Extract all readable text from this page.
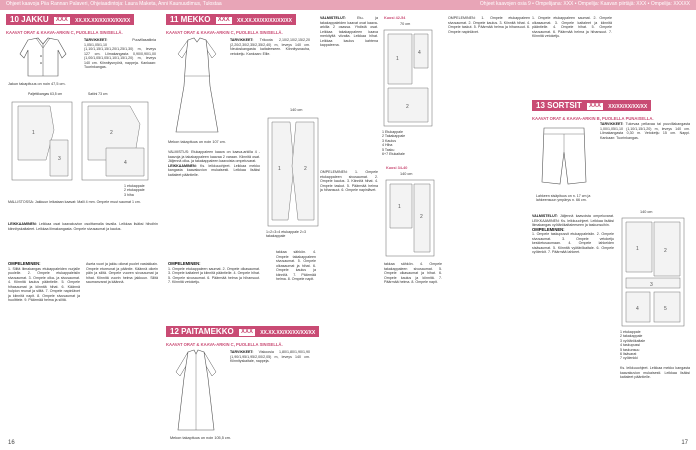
Ohjeet kaavoja Piia Rannan Palaveri, Ohjeiaadintoja: Laura Maketa, Anni Kaunuudimus, Tulostaa	Ohjeet kaavojen osia 9 • Ompelijana: XXX • Ompelija: Kaavan piirtäjä: XXX • Ompelija: XXXXX
10 JAKKU XXX XX.XX.XX/XX/XX/XX/XX
KAAVAT ORAT & KAAVA-ARKIN C, PUOLELLA SINISELLÄ.
TARVIKKEET:	Puuvillasatiinia 1,05/1,05/1,10 (1,10/1,15/1,15/1,20/1,25/1,30) m, leveys 127 cm. Liimakangasta 0,90/0,90/1,00 (1,00/1,05/1,05/1,10/1,15/1,20) m, leveys 140 cm. Kiinnitysnyörä, nappeja. Kankaan: Tuorinkangas.
Jakun takapituus on noin 47,5 cm.
Paljettikangas 63,5 cm	Satiini 73 cm
1
3
2
4
1 etukappale
2 etukappale
3 hiha
MALLISTOSSA: Jakkuun leikataan kaavat: Malli 4 mm. Ompele muut saumat 1 cm.
LEIKKAAMINEN: Leikkaa osat kaavakuvion osoittamalla tavalla. Leikkaa lisäksi hihoihin kiinnityskaitaleet. Leikkaa liimakangasta. Ompele sivusaumat ja kaulus.
OMPELEMINEN:
1. Silitä liimakangas etukappaleiden nurjalle puolelle. 2. Ompele etukappaleisiin sivusaumat. 3. Ompele olka- ja sivusaumat. 4. Kiinnitä kaulus pääntielle. 5. Ompele hihasaumat ja kiinnitä hihat. 6. Käännä hulpion reunat ja silitä. 7. Ompele napinlävet ja kiinnitä napit. 8. Ompele sivusaumat ja huolittele. 9. Päärmää helma ja silitä.
Aseta vuori ja jakku oikeat puolet vastakkain. Ompele etureunat ja pääntie. Käännä oikein päin ja silitä. Ompele vuoren sivusaumat ja hihat. Kiinnitä vuorin helma jakkuun. Silitä saumanvarat ja käännä.
16
11 MEKKO XXX XX.XX.XX/XX/XX/XX/XX
KAAVAT ORAT & KAAVA-ARKIN C, PUOLELLA SINISELLÄ.
TARVIKKEET: Trikoota 2,10/2,10/2,15/2,20 (2,20/2,30/2,35/2,35/2,40) m, leveys 140 cm. Neuloskangasta kaitaleeseen. Kiinnitysnauha, vetoketju. Kankaan: Ellie.
Mekon takapituus on noin 107 cm.
140 cm
1	2
1=2=3=4 etukappale 2=3 takakappale
VALMISTUS: Etukappaleen kaava on kaava-arkilla 4 -kaavoja ja takakappaleen kaavaa 2 varaan. Kiinnitä osat. Jäljennä olka- ja takakappaleen kaavoista ompeluvarat.
LEIKKAAMINEN: Ks. leikkuuohjeet. Leikkaa mekko kangasta kaavakuvion mukaisesti. Leikkaa lisäksi kaitaleet pääntielle.
OMPELEMINEN:
1. Ompele etukappaleen saumat. 2. Ompele olkasaumat. 3. Ompele kaitaleet ja kiinnitä pääntielle. 4. Ompele hihat. 5. Ompele sivusaumat. 6. Päärmää helma ja hihansuut. 7. Kiinnitä vetoketju.
12 PAITAMEKKO XXX XX.XX.XX/XX/XX/XX/XX
KAAVAT ORAT & KAAVA-ARKIN C, PUOLELLA SINISELLÄ.
TARVIKKEET: Viskoosia 1,80/1,80/1,90/1,90 (1,90/1,95/1,95/2,00/2,05) m, leveys 140 cm. Kiinnityskaitale, nappeja.
Mekon takapituus on noin 105,5 cm.
takkaa sähkön. 4. Ompele takakappaleen sivusaumat. 5. Ompele olkasaumat ja hihat. 6. Ompele kaulus ja kiinnitä. 7. Päärmää helma. 8. Ompele napit.
VALMISTELUT:	Etu- ja takakappaleiden kaavat ovat kaava-arkilla 2 osassa. Yhdistä osat. Leikkaa takakappaleen kaava merkityltä viivalta. Leikkaa hihat. Leikkaa kaulus kahtena kappaleena.
Kuosi 42-54
70 cm
1
4
2
1 Etukappale
2 Takakappale
3 Kaulus
4 Hiha
5 Tasku
6+7 Etukaitale
Kuosi 34-40
140 cm
1
2
OMPELEMINEN: 1. Ompele etukappaleen sivusaumat. 2. Ompele kaulus. 3. Kiinnitä hihat. 4. Ompele taskut. 5. Päärmää helma ja hihansuut. 6. Ompele napinlävet.
takkaa sähkön. 4. Ompele takakappaleen sivusaumat. 5. Ompele olkasaumat ja hihat. 6. Ompele kaulus ja kiinnitä. 7. Päärmää helma. 8. Ompele napit.
OMPELEMINEN: 1. Ompele etukappaleen sivusaumat. 2. Ompele kaulus. 3. Kiinnitä hihat. 4. Ompele taskut. 5. Päärmää helma ja hihansuut. 6. Ompele napinlävet.
1. Ompele etukappaleen saumat. 2. Ompele olkasaumat. 3. Ompele kaitaleet ja kiinnitä pääntielle. 4. Ompele hihat. 5. Ompele sivusaumat. 6. Päärmää helma ja hihansuut. 7. Kiinnitä vetoketju.
13 SORTSIT XXX XX/XX/XX/XX/XX
KAAVAT ORAT & KAAVA-ARKIN B, PUOLELLA PUNAISELLA.
TARVIKKEET: Tukevaa pellavaa tai puuvillakangasta 1,00/1,05/1,10 (1,10/1,15/1,20) m, leveys 140 cm. Liimakangasta 0,30 m. Vetoketju 15 cm. Nappi. Kankaan: Tuorinkangas.
Lahkeen sisäpituus on n. 17 cm ja lahkeensuun ympärys n. 66 cm.
VALMISTELUT: Jäljennä kaavoista ompeluvarat. LEIKKAAMINEN: Ks. leikkuuohjeet. Leikkaa lisäksi liimakangas vyötärökaitaleeseen ja taskunsuihin.
OMPELEMINEN:
1. Ompele taskupussit etukappaleisiin. 2. Ompele sivusaumat. 3. Ompele vetoketju keskietusaumaan. 4. Ompele lahkeiden sisäsaumat. 5. Kiinnitä vyötärökaitale. 6. Ompele vyölenkit. 7. Päärmää lahkeet.
140 cm
1	2
3
4	5
1 etukappale
2 takakappale
3 vyötärökaitale
4 taskupussi
5 taskunsuu
6 lisävarat
7 vyölenkki
Ks. leikkuuohjeet. Leikkaa mekko kangasta kaavakuvion mukaisesti. Leikkaa lisäksi kaitaleet pääntielle.
17
